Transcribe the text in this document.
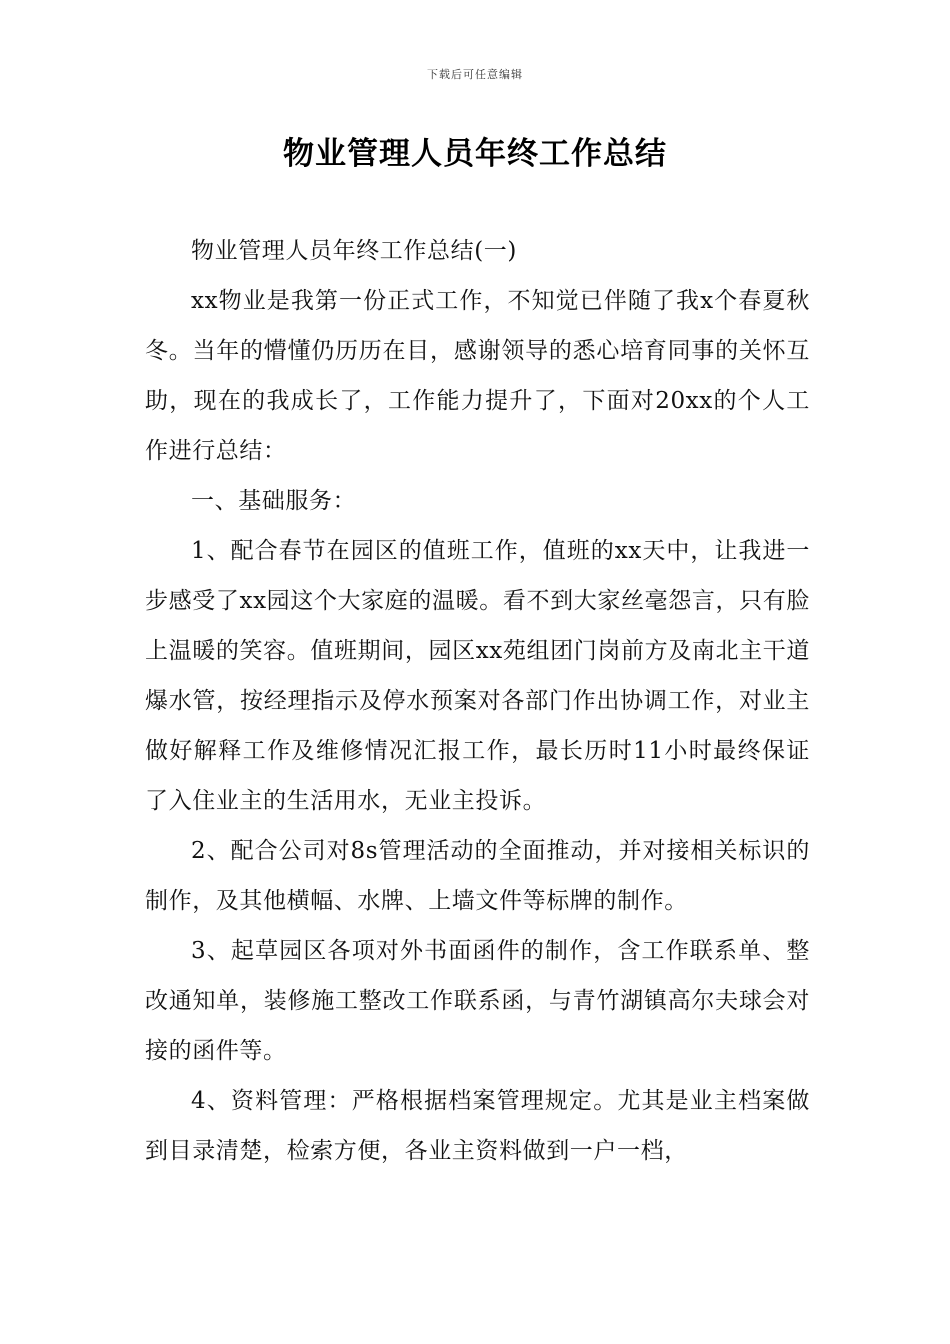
下载后可任意编辑
物业管理人员年终工作总结

物业管理人员年终工作总结(一)

xx物业是我第一份正式工作，不知觉已伴随了我x个春夏秋冬。当年的懵懂仍历历在目，感谢领导的悉心培育同事的关怀互助，现在的我成长了，工作能力提升了，下面对20xx的个人工作进行总结：

一、基础服务：

1、配合春节在园区的值班工作，值班的xx天中，让我进一步感受了xx园这个大家庭的温暖。看不到大家丝毫怨言，只有脸上温暖的笑容。值班期间，园区xx苑组团门岗前方及南北主干道爆水管，按经理指示及停水预案对各部门作出协调工作，对业主做好解释工作及维修情况汇报工作，最长历时11小时最终保证了入住业主的生活用水，无业主投诉。

2、配合公司对8s管理活动的全面推动，并对接相关标识的制作，及其他横幅、水牌、上墙文件等标牌的制作。

3、起草园区各项对外书面函件的制作，含工作联系单、整改通知单，装修施工整改工作联系函，与青竹湖镇高尔夫球会对接的函件等。

4、资料管理：严格根据档案管理规定。尤其是业主档案做到目录清楚，检索方便，各业主资料做到一户一档，
